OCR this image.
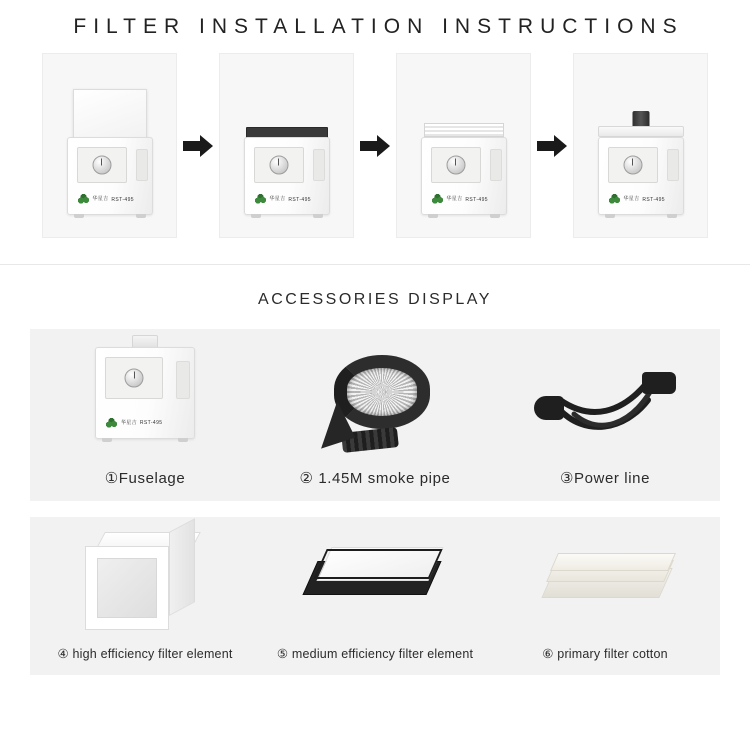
FILTER INSTALLATION INSTRUCTIONS
华星吉 RST-495	华星吉 RST-495	华星吉 RST-495	华星吉 RST-495
ACCESSORIES DISPLAY
华星吉 RST-495
①Fuselage	② 1.45M smoke pipe	③Power line
④ high efficiency filter element	⑤ medium efficiency filter element	⑥ primary filter cotton
